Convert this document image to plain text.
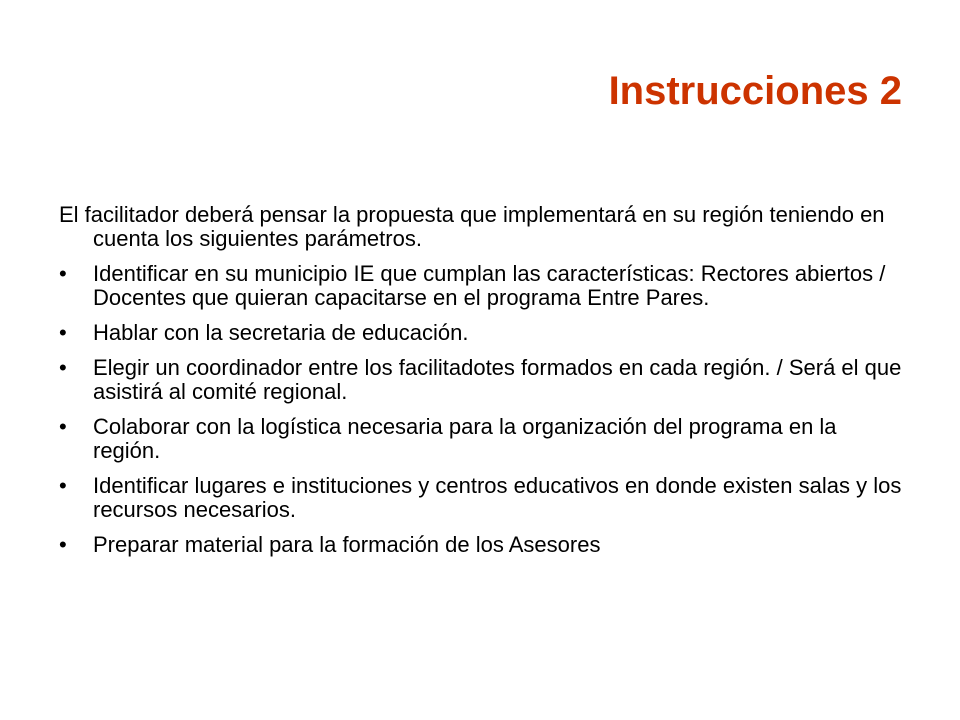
Instrucciones 2

El facilitador deberá pensar la propuesta que implementará en su región teniendo en cuenta los siguientes parámetros.

•	Identificar en su municipio IE que cumplan las características: Rectores abiertos / Docentes que quieran capacitarse en el programa Entre Pares.
•	Hablar con la secretaria de educación.
•	Elegir un coordinador entre los facilitadotes formados en cada región. / Será el que asistirá al comité regional.
•	Colaborar con la logística necesaria para la organización del programa en la región.
•	Identificar lugares e instituciones y centros educativos en donde existen salas y los recursos necesarios.
•	Preparar material para la formación de los Asesores
